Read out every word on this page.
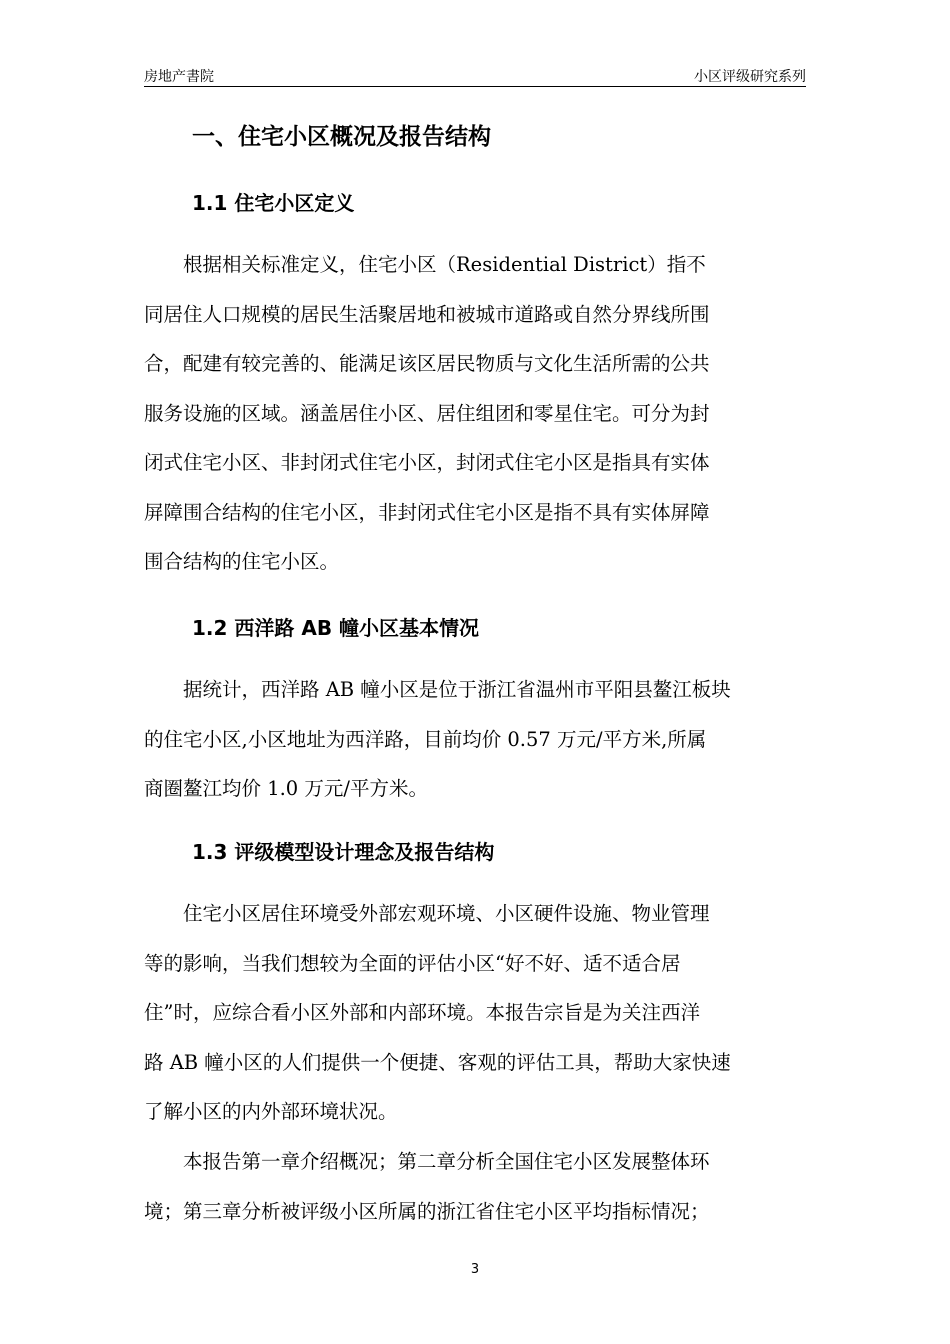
房地产書院	小区评级研究系列
一、住宅小区概况及报告结构
1.1 住宅小区定义
　　根据相关标准定义，住宅小区（Residential District）指不
同居住人口规模的居民生活聚居地和被城市道路或自然分界线所围
合，配建有较完善的、能满足该区居民物质与文化生活所需的公共
服务设施的区域。涵盖居住小区、居住组团和零星住宅。可分为封
闭式住宅小区、非封闭式住宅小区，封闭式住宅小区是指具有实体
屏障围合结构的住宅小区，非封闭式住宅小区是指不具有实体屏障
围合结构的住宅小区。
1.2 西洋路 AB 幢小区基本情况
　　据统计，西洋路 AB 幢小区是位于浙江省温州市平阳县鳌江板块
的住宅小区,小区地址为西洋路，目前均价 0.57 万元/平方米,所属
商圈鳌江均价 1.0 万元/平方米。
1.3 评级模型设计理念及报告结构
　　住宅小区居住环境受外部宏观环境、小区硬件设施、物业管理
等的影响，当我们想较为全面的评估小区“好不好、适不适合居
住”时，应综合看小区外部和内部环境。本报告宗旨是为关注西洋
路 AB 幢小区的人们提供一个便捷、客观的评估工具，帮助大家快速
了解小区的内外部环境状况。
　　本报告第一章介绍概况；第二章分析全国住宅小区发展整体环
境；第三章分析被评级小区所属的浙江省住宅小区平均指标情况；
3
